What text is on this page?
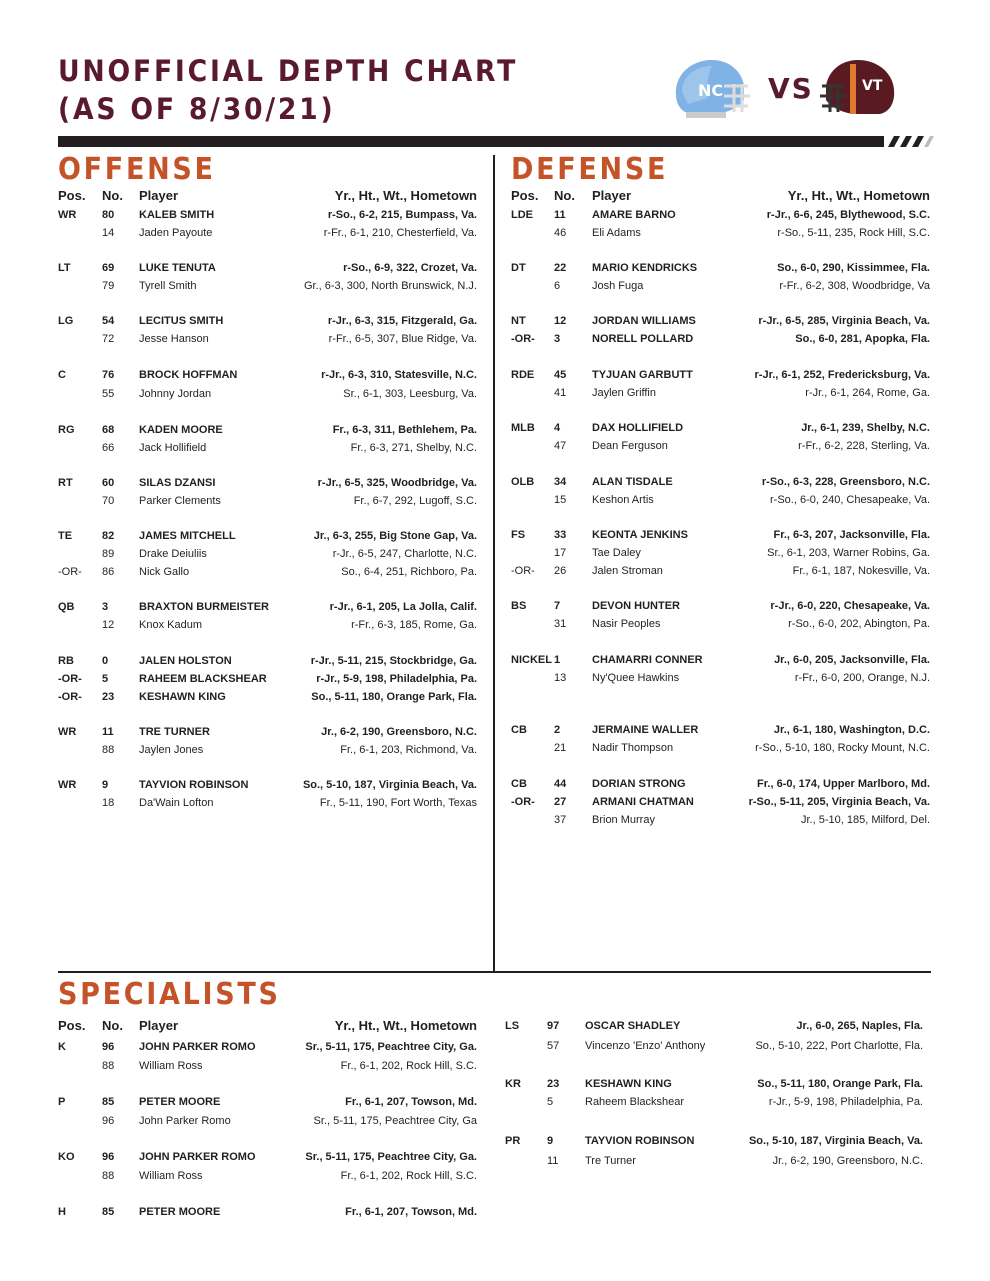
UNOFFICIAL DEPTH CHART
(AS OF 8/30/21)
NC VS	VT
OFFENSE	DEFENSE
SPECIALISTS
Pos. No. Player	Yr., Ht., Wt., Hometown
WR 80 KALEB SMITH	r-So., 6-2, 215, Bumpass, Va.
14 Jaden Payoute	r-Fr., 6-1, 210, Chesterfield, Va.
LT	69 LUKE TENUTA	r-So., 6-9, 322, Crozet, Va.
79 Tyrell Smith	Gr., 6-3, 300, North Brunswick, N.J.
LG	54 LECITUS SMITH	r-Jr., 6-3, 315, Fitzgerald, Ga.
72 Jesse Hanson	r-Fr., 6-5, 307, Blue Ridge, Va.
C	76 BROCK HOFFMAN	r-Jr., 6-3, 310, Statesville, N.C.
55 Johnny Jordan	Sr., 6-1, 303, Leesburg, Va.
RG	68 KADEN MOORE	Fr., 6-3, 311, Bethlehem, Pa.
66 Jack Hollifield	Fr., 6-3, 271, Shelby, N.C.
RT	60 SILAS DZANSI	r-Jr., 6-5, 325, Woodbridge, Va.
70 Parker Clements	Fr., 6-7, 292, Lugoff, S.C.
TE	82 JAMES MITCHELL	Jr., 6-3, 255, Big Stone Gap, Va.
89 Drake Deiuliis	r-Jr., 6-5, 247, Charlotte, N.C.
-OR- 86 Nick Gallo	So., 6-4, 251, Richboro, Pa.
QB	3	BRAXTON BURMEISTER	r-Jr., 6-1, 205, La Jolla, Calif.
12 Knox Kadum	r-Fr., 6-3, 185, Rome, Ga.
RB	0	JALEN HOLSTON	r-Jr., 5-11, 215, Stockbridge, Ga.
-OR- 5	RAHEEM BLACKSHEAR	r-Jr., 5-9, 198, Philadelphia, Pa.
-OR- 23 KESHAWN KING	So., 5-11, 180, Orange Park, Fla.
WR 11 TRE TURNER	Jr., 6-2, 190, Greensboro, N.C.
88 Jaylen Jones	Fr., 6-1, 203, Richmond, Va.
WR 9	TAYVION ROBINSON	So., 5-10, 187, Virginia Beach, Va.
18 Da'Wain Lofton	Fr., 5-11, 190, Fort Worth, Texas
Pos. No. Player	Yr., Ht., Wt., Hometown
LDE 11 AMARE BARNO	r-Jr., 6-6, 245, Blythewood, S.C.
46 Eli Adams	r-So., 5-11, 235, Rock Hill, S.C.
DT	22 MARIO KENDRICKS	So., 6-0, 290, Kissimmee, Fla.
6	Josh Fuga	r-Fr., 6-2, 308, Woodbridge, Va
NT	12 JORDAN WILLIAMS	r-Jr., 6-5, 285, Virginia Beach, Va.
-OR- 3	NORELL POLLARD	So., 6-0, 281, Apopka, Fla.
RDE 45 TYJUAN GARBUTT	r-Jr., 6-1, 252, Fredericksburg, Va.
41 Jaylen Griffin	r-Jr., 6-1, 264, Rome, Ga.
MLB 4	DAX HOLLIFIELD	Jr., 6-1, 239, Shelby, N.C.
47 Dean Ferguson	r-Fr., 6-2, 228, Sterling, Va.
OLB 34 ALAN TISDALE	r-So., 6-3, 228, Greensboro, N.C.
15 Keshon Artis	r-So., 6-0, 240, Chesapeake, Va.
FS	33 KEONTA JENKINS	Fr., 6-3, 207, Jacksonville, Fla.
17 Tae Daley	Sr., 6-1, 203, Warner Robins, Ga.
-OR- 26 Jalen Stroman	Fr., 6-1, 187, Nokesville, Va.
BS	7	DEVON HUNTER	r-Jr., 6-0, 220, Chesapeake, Va.
31 Nasir Peoples	r-So., 6-0, 202, Abington, Pa.
NICKEL 1	CHAMARRI CONNER	Jr., 6-0, 205, Jacksonville, Fla.
13 Ny'Quee Hawkins	r-Fr., 6-0, 200, Orange, N.J.
CB 2	JERMAINE WALLER	Jr., 6-1, 180, Washington, D.C.
21 Nadir Thompson	r-So., 5-10, 180, Rocky Mount, N.C.
CB 44 DORIAN STRONG	Fr., 6-0, 174, Upper Marlboro, Md.
-OR- 27 ARMANI CHATMAN	r-So., 5-11, 205, Virginia Beach, Va.
37 Brion Murray	Jr., 5-10, 185, Milford, Del.
Pos. No. Player	Yr., Ht., Wt., Hometown
K	96 JOHN PARKER ROMO	Sr., 5-11, 175, Peachtree City, Ga.
88 William Ross	Fr., 6-1, 202, Rock Hill, S.C.
P	85 PETER MOORE	Fr., 6-1, 207, Towson, Md.
96 John Parker Romo	Sr., 5-11, 175, Peachtree City, Ga
KO	96 JOHN PARKER ROMO	Sr., 5-11, 175, Peachtree City, Ga.
88 William Ross	Fr., 6-1, 202, Rock Hill, S.C.
H	85 PETER MOORE	Fr., 6-1, 207, Towson, Md.
LS	97 OSCAR SHADLEY	Jr., 6-0, 265, Naples, Fla.
57 Vincenzo 'Enzo' Anthony	So., 5-10, 222, Port Charlotte, Fla.
KR 23 KESHAWN KING	So., 5-11, 180, Orange Park, Fla.
5	Raheem Blackshear	r-Jr., 5-9, 198, Philadelphia, Pa.
PR 9	TAYVION ROBINSON	So., 5-10, 187, Virginia Beach, Va.
11 Tre Turner	Jr., 6-2, 190, Greensboro, N.C.
